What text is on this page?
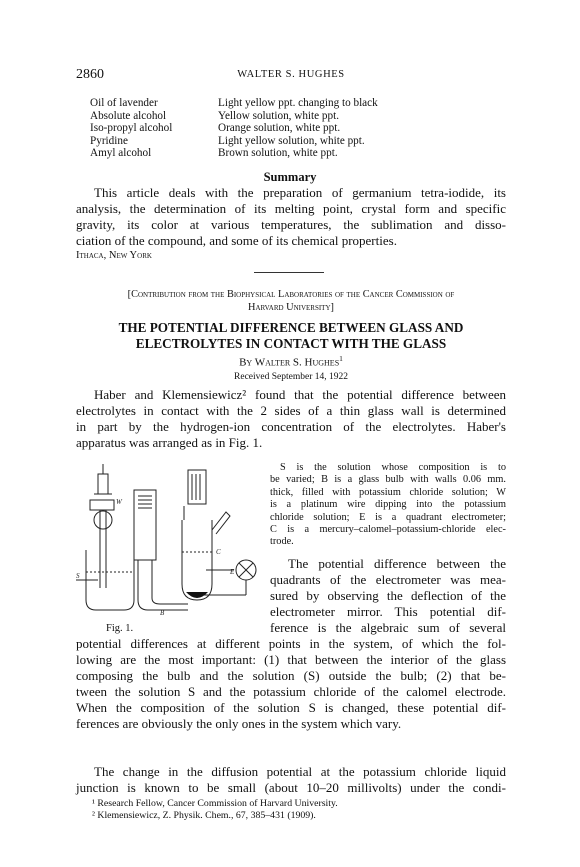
2860	WALTER S. HUGHES
Oil of lavender	Light yellow ppt. changing to black
Absolute alcohol	Yellow solution, white ppt.
Iso-propyl alcohol	Orange solution, white ppt.
Pyridine	Light yellow solution, white ppt.
Amyl alcohol	Brown solution, white ppt.
Summary
This article deals with the preparation of germanium tetra-iodide, its
analysis, the determination of its melting point, crystal form and specific
gravity, its color at various temperatures, the sublimation and disso-
ciation of the compound, and some of its chemical properties.
Ithaca, New York
[Contribution from the Biophysical Laboratories of the Cancer Commission of
Harvard University]
THE POTENTIAL DIFFERENCE BETWEEN GLASS AND
ELECTROLYTES IN CONTACT WITH THE GLASS
By Walter S. Hughes$^1$
Received September 14, 1922
Haber and Klemensiewicz² found that the potential difference between
electrolytes in contact with the 2 sides of a thin glass wall is determined
in part by the hydrogen-ion concentration of the electrolytes. Haber's
apparatus was arranged as in Fig. 1.
W
S
B
C
E
Fig. 1.
S is the solution whose composition is to
be varied; B is a glass bulb with walls 0.06 mm.
thick, filled with potassium chloride solution; W
is a platinum wire dipping into the potassium
chloride solution; E is a quadrant electrometer;
C is a mercury–calomel–potassium-chloride elec-
trode.
The potential difference between the
quadrants of the electrometer was mea-
sured by observing the deflection of the
electrometer mirror. This potential dif-
ference is the algebraic sum of several
potential differences at different points in the system, of which the fol-
lowing are the most important: (1) that between the interior of the glass
composing the bulb and the solution (S) outside the bulb; (2) that be-
tween the solution S and the potassium chloride of the calomel electrode.
When the composition of the solution S is changed, these potential dif-
ferences are obviously the only ones in the system which vary.
The change in the diffusion potential at the potassium chloride liquid
junction is known to be small (about 10–20 millivolts) under the condi-
¹ Research Fellow, Cancer Commission of Harvard University.
² Klemensiewicz, Z. Physik. Chem., 67, 385–431 (1909).
